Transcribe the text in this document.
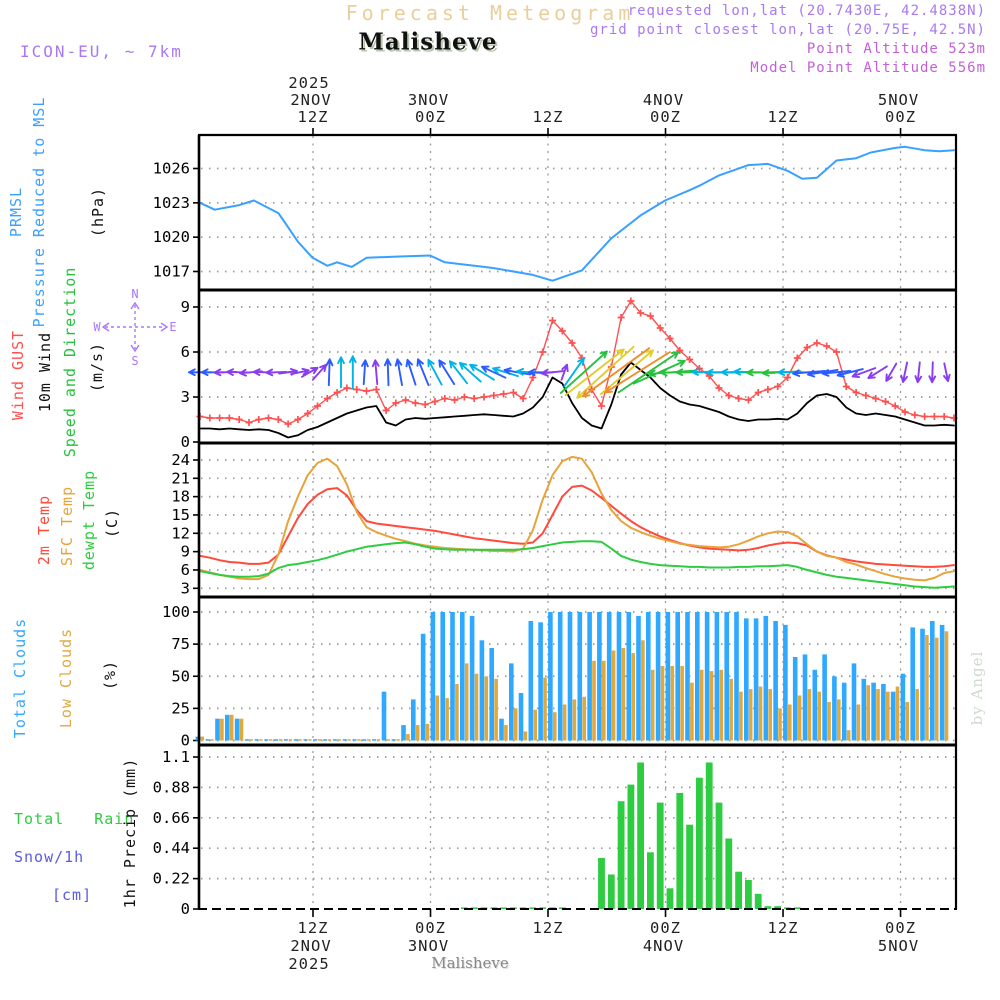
Forecast Meteogram
Malisheve
requested lon,lat (20.7430E, 42.4838N)
grid point closest lon,lat (20.75E, 42.5N)
Point Altitude 523m
Model Point Altitude 556m
ICON-EU, ~ 7km
PRMSL Pressure Reduced to MSL	(hPa)
Wind GUST 10m Wind Speed and Direction (m/s)
2m Temp SFC Temp dewpt Temp (C)
Total Clouds Low Clouds (%)
Total   Rain
Snow/1h
[cm] 1hr Precip (mm)
by Angel
Malisheve
1026
1023
1020
1017
9
6
3
0
24
21
18
15
12
9
6
3
100
75
50
25
0
1.1
0.88
0.66
0.44
0.22
0
2025
2NOV
12Z
12Z
2NOV
2025
3NOV
00Z
00Z
3NOV
12Z
12Z
4NOV
00Z
00Z
4NOV
12Z
12Z
5NOV
00Z
00Z
5NOV
N
S
W	E
